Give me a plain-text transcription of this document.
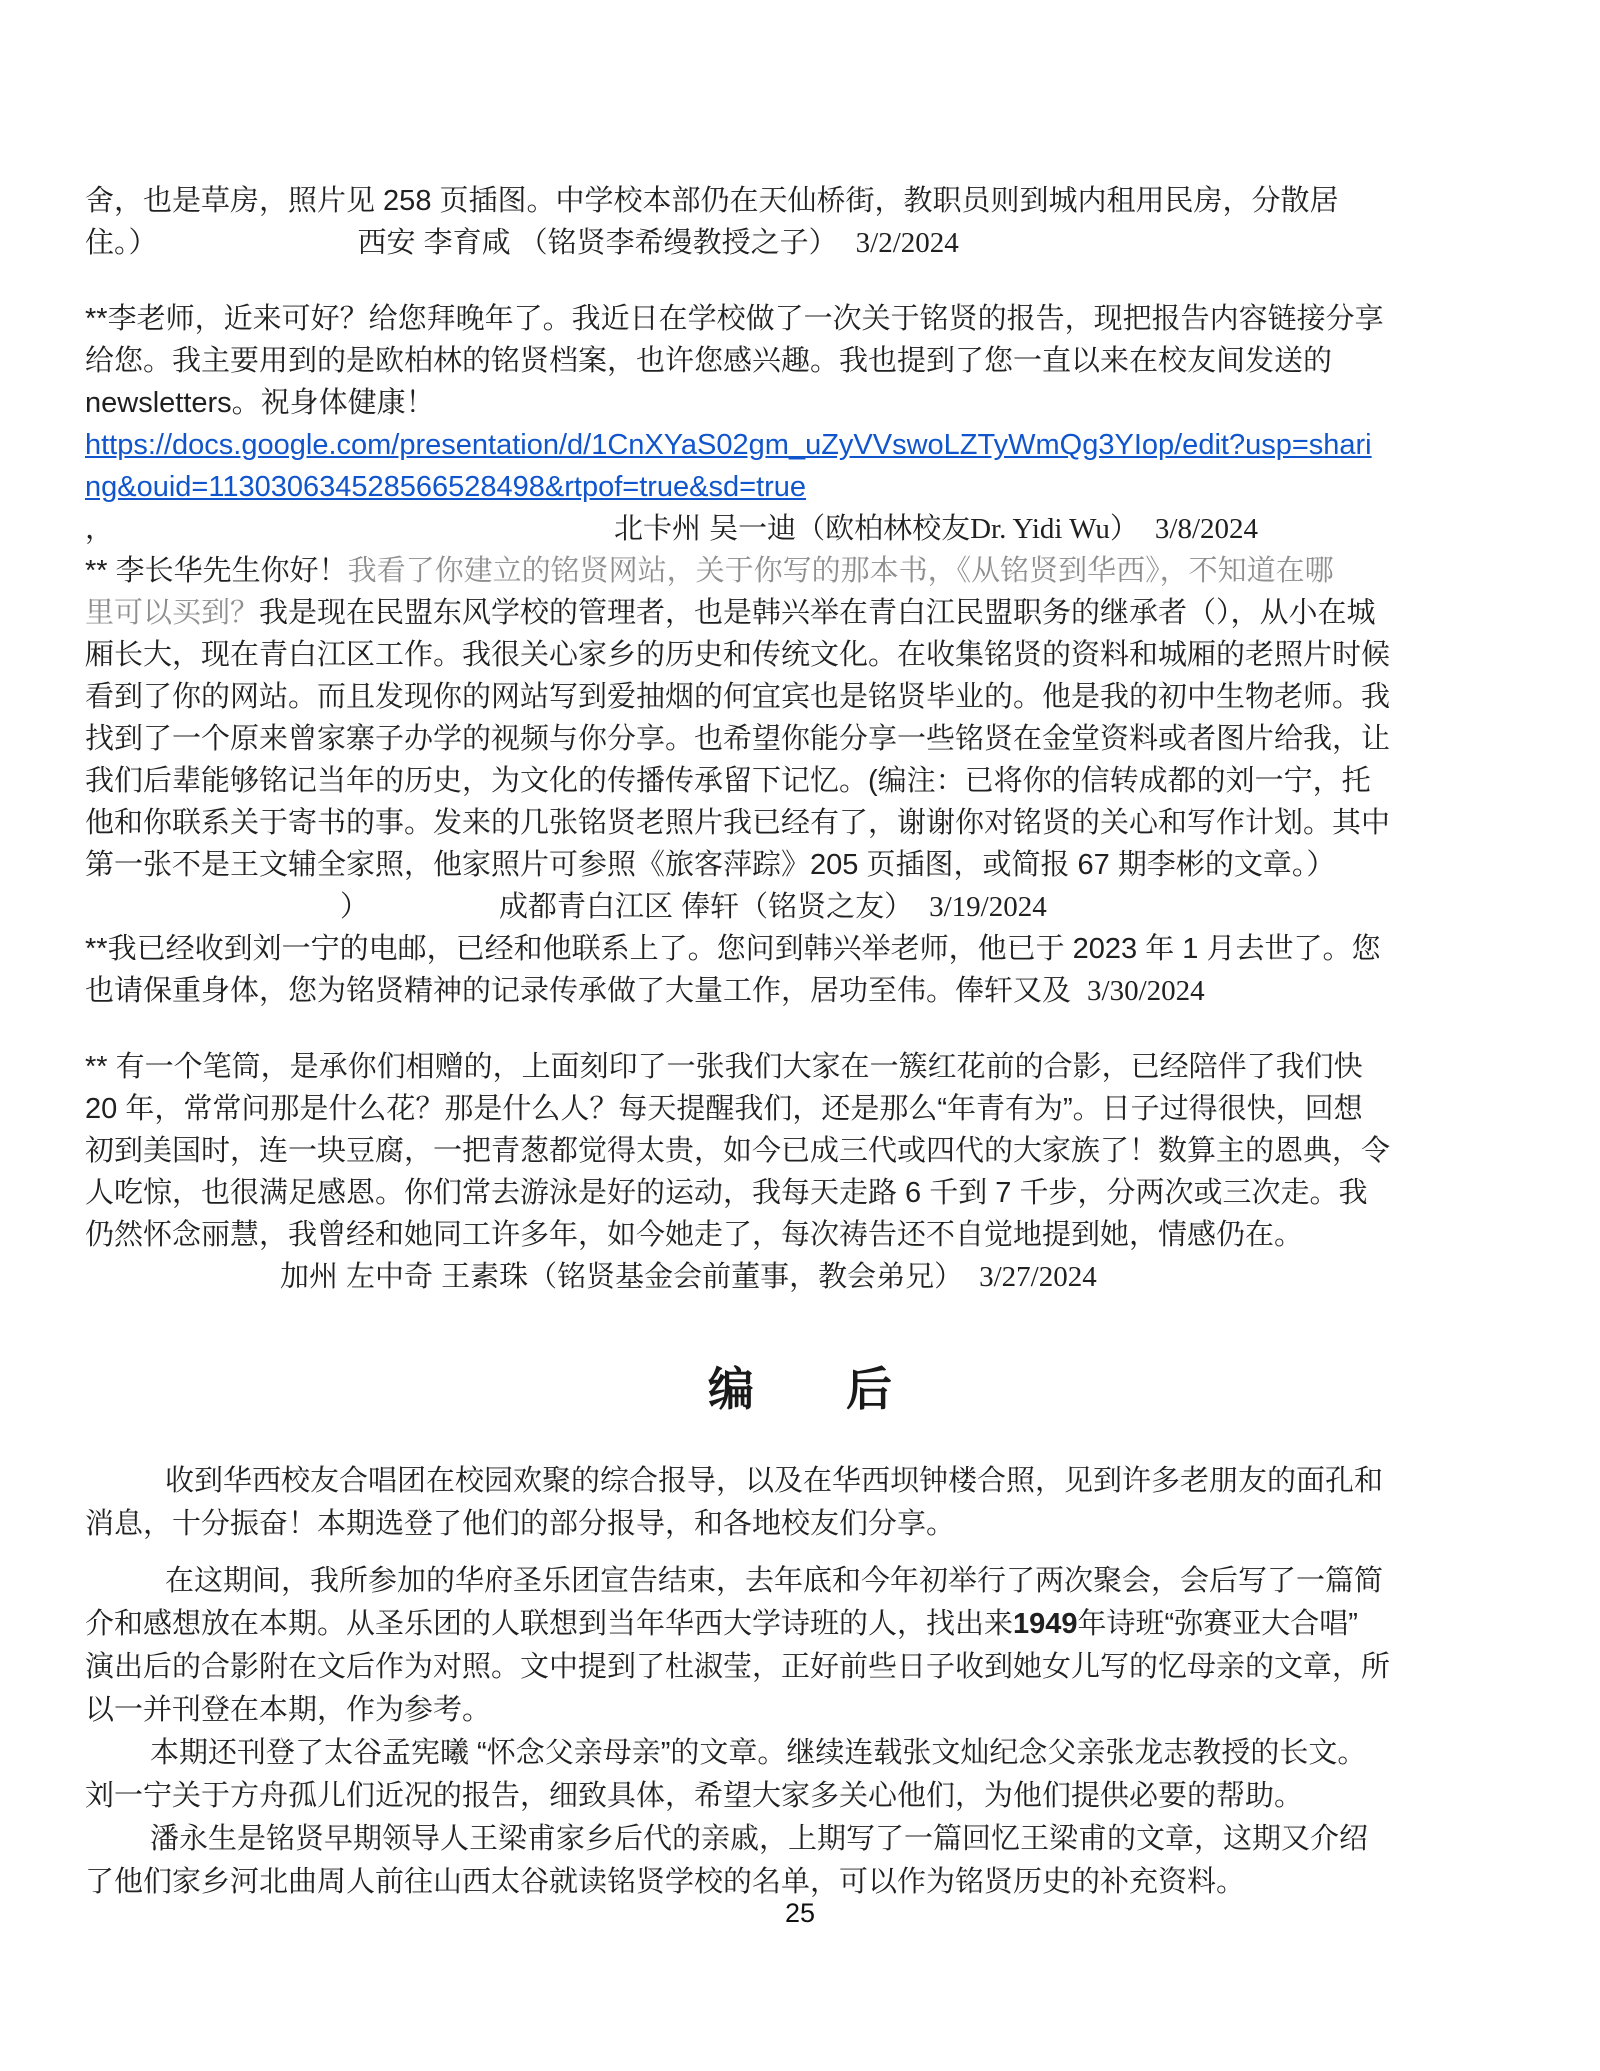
舍，也是草房，照片见 258 页插图。中学校本部仍在天仙桥街，教职员则到城内租用民房，分散居
住。）	西安 李育咸 （铭贤李希缦教授之子） 3/2/2024
**李老师，近来可好？给您拜晚年了。我近日在学校做了一次关于铭贤的报告，现把报告内容链接分享
给您。我主要用到的是欧柏林的铭贤档案，也许您感兴趣。我也提到了您一直以来在校友间发送的
newsletters。祝身体健康！
https://docs.google.com/presentation/d/1CnXYaS02gm_uZyVVswoLZTyWmQg3YIop/edit?usp=shari
ng&ouid=113030634528566528498&rtpof=true&sd=true
，	北卡州 吴一迪（欧柏林校友Dr. Yidi Wu） 3/8/2024
** 李长华先生你好！我看了你建立的铭贤网站，关于你写的那本书，《从铭贤到华西》，不知道在哪
里可以买到？我是现在民盟东风学校的管理者，也是韩兴举在青白江民盟职务的继承者（），从小在城
厢长大，现在青白江区工作。我很关心家乡的历史和传统文化。在收集铭贤的资料和城厢的老照片时候
看到了你的网站。而且发现你的网站写到爱抽烟的何宜宾也是铭贤毕业的。他是我的初中生物老师。我
找到了一个原来曾家寨子办学的视频与你分享。也希望你能分享一些铭贤在金堂资料或者图片给我，让
我们后辈能够铭记当年的历史，为文化的传播传承留下记忆。(编注：已将你的信转成都的刘一宁，托
他和你联系关于寄书的事。发来的几张铭贤老照片我已经有了，谢谢你对铭贤的关心和写作计划。其中
第一张不是王文辅全家照，他家照片可参照《旅客萍踪》205 页插图，或简报 67 期李彬的文章。）
）	成都青白江区 俸轩（铭贤之友） 3/19/2024
**我已经收到刘一宁的电邮，已经和他联系上了。您问到韩兴举老师，他已于 2023 年 1 月去世了。您
也请保重身体，您为铭贤精神的记录传承做了大量工作，居功至伟。俸轩又及 3/30/2024
** 有一个笔筒，是承你们相赠的，上面刻印了一张我们大家在一簇红花前的合影，已经陪伴了我们快
20 年，常常问那是什么花？那是什么人？每天提醒我们，还是那么“年青有为”。日子过得很快，回想
初到美国时，连一块豆腐，一把青葱都觉得太贵，如今已成三代或四代的大家族了！数算主的恩典，令
人吃惊，也很满足感恩。你们常去游泳是好的运动，我每天走路 6 千到 7 千步，分两次或三次走。我
仍然怀念丽慧，我曾经和她同工许多年，如今她走了，每次祷告还不自觉地提到她，情感仍在。
加州 左中奇 王素珠（铭贤基金会前董事，教会弟兄） 3/27/2024
编　　后
收到华西校友合唱团在校园欢聚的综合报导，以及在华西坝钟楼合照，见到许多老朋友的面孔和
消息，十分振奋！本期选登了他们的部分报导，和各地校友们分享。
在这期间，我所参加的华府圣乐团宣告结束，去年底和今年初举行了两次聚会，会后写了一篇简
介和感想放在本期。从圣乐团的人联想到当年华西大学诗班的人，找出来1949年诗班“弥赛亚大合唱”
演出后的合影附在文后作为对照。文中提到了杜淑莹，正好前些日子收到她女儿写的忆母亲的文章，所
以一并刊登在本期，作为参考。
本期还刊登了太谷孟宪曦 “怀念父亲母亲”的文章。继续连载张文灿纪念父亲张龙志教授的长文。
刘一宁关于方舟孤儿们近况的报告，细致具体，希望大家多关心他们，为他们提供必要的帮助。
潘永生是铭贤早期领导人王梁甫家乡后代的亲戚，上期写了一篇回忆王梁甫的文章，这期又介绍
了他们家乡河北曲周人前往山西太谷就读铭贤学校的名单，可以作为铭贤历史的补充资料。
25
